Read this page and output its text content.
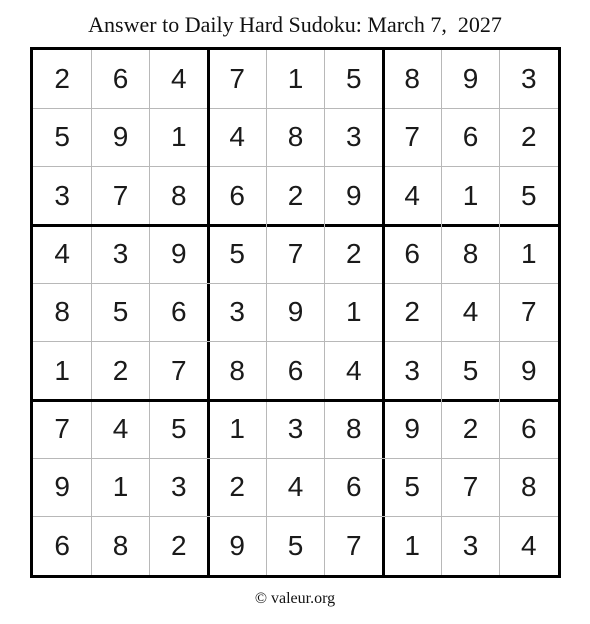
Answer to Daily Hard Sudoku: March 7,  2027
2	6	4	7	1	5	8	9	3
5	9	1	4	8	3	7	6	2
3	7	8	6	2	9	4	1	5
4	3	9	5	7	2	6	8	1
8	5	6	3	9	1	2	4	7
1	2	7	8	6	4	3	5	9
7	4	5	1	3	8	9	2	6
9	1	3	2	4	6	5	7	8
6	8	2	9	5	7	1	3	4
© valeur.org
